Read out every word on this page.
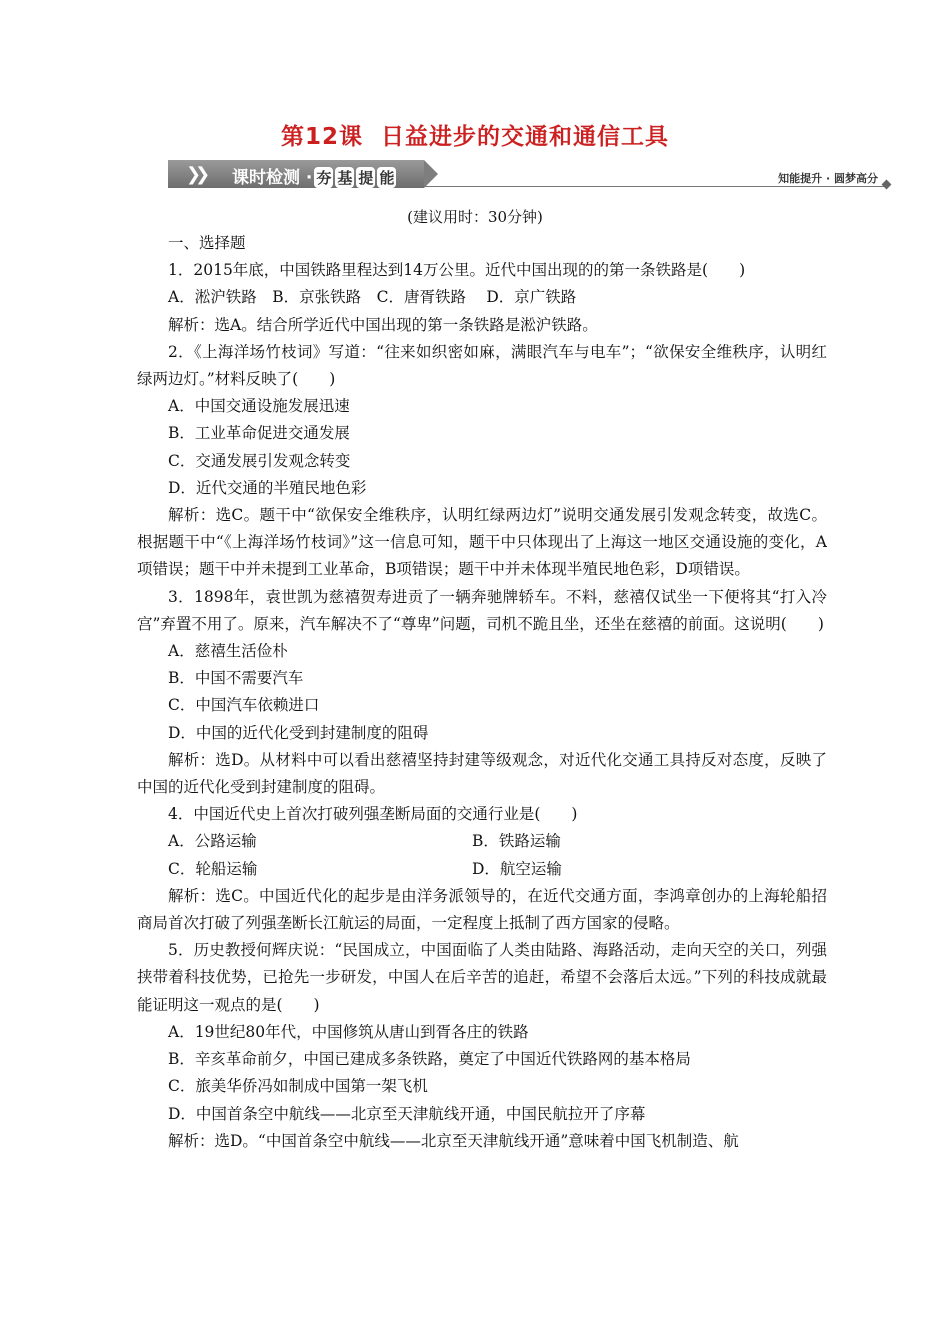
第12课 日益进步的交通和通信工具
❯❯ 课时检测 · 夯 基 提 能	知能提升 · 圆梦高分
(建议用时：30分钟)

一、选择题

1．2015年底，中国铁路里程达到14万公里。近代中国出现的的第一条铁路是(　　)

A．淞沪铁路　B．京张铁路　C．唐胥铁路　 D．京广铁路

解析：选A。结合所学近代中国出现的第一条铁路是淞沪铁路。

2．《上海洋场竹枝词》写道：“往来如织密如麻，满眼汽车与电车”；“欲保安全维秩序，认明红绿两边灯。”材料反映了(　　)

A．中国交通设施发展迅速

B．工业革命促进交通发展

C．交通发展引发观念转变

D．近代交通的半殖民地色彩

解析：选C。题干中“欲保安全维秩序，认明红绿两边灯”说明交通发展引发观念转变，故选C。根据题干中“《上海洋场竹枝词》”这一信息可知，题干中只体现出了上海这一地区交通设施的变化，A项错误；题干中并未提到工业革命，B项错误；题干中并未体现半殖民地色彩，D项错误。

3．1898年，袁世凯为慈禧贺寿进贡了一辆奔驰牌轿车。不料，慈禧仅试坐一下便将其“打入冷宫”弃置不用了。原来，汽车解决不了“尊卑”问题，司机不跪且坐，还坐在慈禧的前面。这说明(　　)

A．慈禧生活俭朴

B．中国不需要汽车

C．中国汽车依赖进口

D．中国的近代化受到封建制度的阻碍

解析：选D。从材料中可以看出慈禧坚持封建等级观念，对近代化交通工具持反对态度，反映了中国的近代化受到封建制度的阻碍。

4．中国近代史上首次打破列强垄断局面的交通行业是(　　)

A．公路运输	B．铁路运输
C．轮船运输	D．航空运输

解析：选C。中国近代化的起步是由洋务派领导的，在近代交通方面，李鸿章创办的上海轮船招商局首次打破了列强垄断长江航运的局面，一定程度上抵制了西方国家的侵略。

5．历史教授何辉庆说：“民国成立，中国面临了人类由陆路、海路活动，走向天空的关口，列强挟带着科技优势，已抢先一步研发，中国人在后辛苦的追赶，希望不会落后太远。”下列的科技成就最能证明这一观点的是(　　)

A．19世纪80年代，中国修筑从唐山到胥各庄的铁路

B．辛亥革命前夕，中国已建成多条铁路，奠定了中国近代铁路网的基本格局

C．旅美华侨冯如制成中国第一架飞机

D．中国首条空中航线——北京至天津航线开通，中国民航拉开了序幕

解析：选D。“中国首条空中航线——北京至天津航线开通”意味着中国飞机制造、航
